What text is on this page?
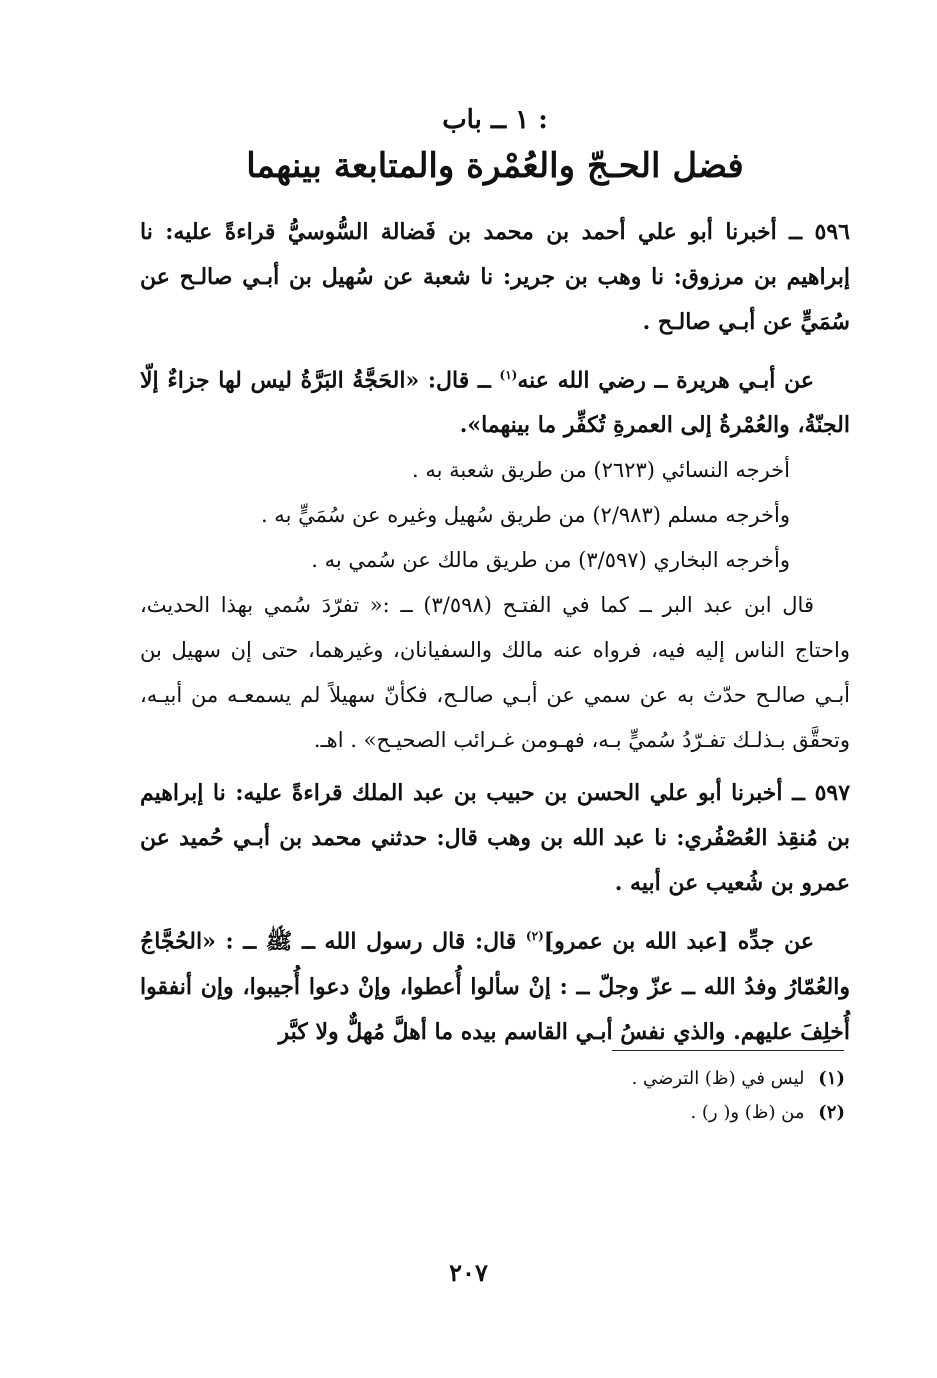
١ ــ باب :

فضل الحـجّ والعُمْرة والمتابعة بينهما

٥٩٦ ــ أخبرنا أبو علي أحمد بن محمد بن فَضالة السُّوسيُّ قراءةً عليه: نا إبراهيم بن مرزوق: نا وهب بن جرير: نا شعبة عن سُهيل بن أبـي صالـح عن سُمَيٍّ عن أبـي صالـح .

عن أبـي هريرة ــ رضي الله عنه$^{(١)}$ ــ قال: «الحَجَّةُ البَرَّةُ ليس لها جزاءٌ إلّا الجنّةُ، والعُمْرةُ إلى العمرةِ تُكفِّر ما بينهما».

أخرجه النسائي (٢٦٢٣) من طريق شعبة به .

وأخرجه مسلم (٢/٩٨٣) من طريق سُهيل وغيره عن سُمَيٍّ به .

وأخرجه البخاري (٣/٥٩٧) من طريق مالك عن سُمي به .

قال ابن عبد البر ــ كما في الفتـح (٣/٥٩٨) ــ :« تفرّدَ سُمي بهذا الحديث، واحتاج الناس إليه فيه، فرواه عنه مالك والسفيانان، وغيرهما، حتى إن سهيل بن أبـي صالـح حدّث به عن سمي عن أبـي صالـح، فكأنّ سهيلاً لم يسمعـه من أبيـه، وتحقَّق بـذلـك تفـرّدُ سُميٍّ بـه، فهـومن غـرائب الصحيـح» . اهـ.

٥٩٧ ــ أخبرنا أبو علي الحسن بن حبيب بن عبد الملك قراءةً عليه: نا إبراهيم بن مُنقِذ العُصْفُري: نا عبد الله بن وهب قال: حدثني محمد بن أبـي حُميد عن عمرو بن شُعيب عن أبيه .

عن جدِّه [عبد الله بن عمرو]$^{(٢)}$ قال: قال رسول الله ــ ﷺ ــ : «الحُجَّاجُ والعُمّارُ وفدُ الله ــ عزّ وجلّ ــ : إنْ سألوا أُعطوا، وإنْ دعوا أُجيبوا، وإن أنفقوا أُخلِفَ عليهم. والذي نفسُ أبـي القاسم بيده ما أهلَّ مُهلٌّ ولا كبَّر

(١) ليس في (ظ) الترضي .
(٢) من (ظ) و( ر) .
٢٠٧
